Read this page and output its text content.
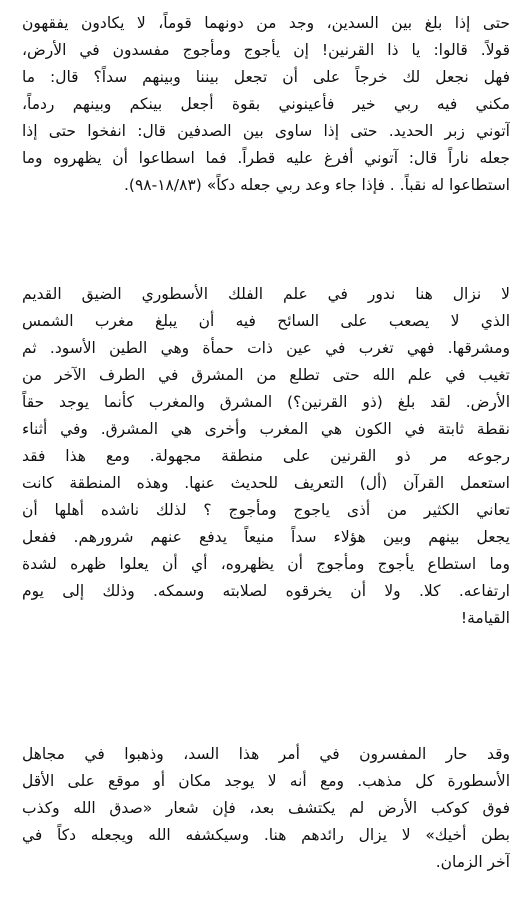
حتى إذا بلغ بين السدين، وجد من دونهما قوماً، لا يكادون يفقهون
قولاً. قالوا: يا ذا القرنين! إن يأجوج ومأجوج مفسدون في الأرض،
فهل نجعل لك خرجاً على أن تجعل بيننا وبينهم سداً؟ قال: ما
مكني فيه ربي خير فأعينوني بقوة أجعل بينكم وبينهم ردماً،
آتوني زبر الحديد. حتى إذا ساوى بين الصدفين قال: انفخوا حتى إذا
جعله ناراً قال: آتوني أفرغ عليه قطراً. فما اسطاعوا أن يظهروه وما
استطاعوا له نقباً. . فإذا جاء وعد ربي جعله دكاً» (١٨/٨٣-٩٨).
لا نزال هنا ندور في علم الفلك الأسطوري الضيق القديم
الذي لا يصعب على السائح فيه أن يبلغ مغرب الشمس
ومشرقها. فهي تغرب في عين ذات حمأة وهي الطين الأسود. ثم
تغيب في علم الله حتى تطلع من المشرق في الطرف الآخر من
الأرض. لقد بلغ (ذو القرنين؟) المشرق والمغرب كأنما يوجد حقاً
نقطة ثابتة في الكون هي المغرب وأخرى هي المشرق. وفي أثناء
رجوعه مر ذو القرنين على منطقة مجهولة. ومع هذا فقد
استعمل القرآن (أل) التعريف للحديث عنها. وهذه المنطقة كانت
تعاني الكثير من أذى ياجوج ومأجوج ؟ لذلك ناشده أهلها أن
يجعل بينهم وبين هؤلاء سداً منيعاً يدفع عنهم شرورهم. ففعل
وما استطاع يأجوج ومأجوج أن يظهروه، أي أن يعلوا ظهره لشدة
ارتفاعه. كلا. ولا أن يخرقوه لصلابته وسمكه. وذلك إلى يوم
القيامة!
وقد حار المفسرون في أمر هذا السد، وذهبوا في مجاهل
الأسطورة كل مذهب. ومع أنه لا يوجد مكان أو موقع على الأقل
فوق كوكب الأرض لم يكتشف بعد، فإن شعار «صدق الله وكذب
بطن أخيك» لا يزال رائدهم هنا. وسيكشفه الله ويجعله دكاً في
آخر الزمان.
